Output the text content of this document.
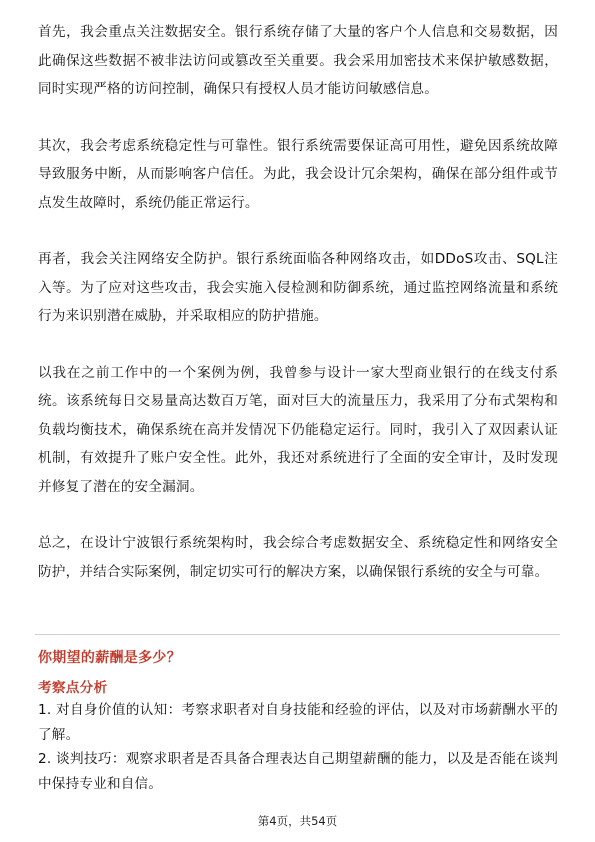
首先，我会重点关注数据安全。银行系统存储了大量的客户个人信息和交易数据，因此确保这些数据不被非法访问或篡改至关重要。我会采用加密技术来保护敏感数据，同时实现严格的访问控制，确保只有授权人员才能访问敏感信息。

其次，我会考虑系统稳定性与可靠性。银行系统需要保证高可用性，避免因系统故障导致服务中断，从而影响客户信任。为此，我会设计冗余架构，确保在部分组件或节点发生故障时，系统仍能正常运行。

再者，我会关注网络安全防护。银行系统面临各种网络攻击，如DDoS攻击、SQL注入等。为了应对这些攻击，我会实施入侵检测和防御系统，通过监控网络流量和系统行为来识别潜在威胁，并采取相应的防护措施。

以我在之前工作中的一个案例为例，我曾参与设计一家大型商业银行的在线支付系统。该系统每日交易量高达数百万笔，面对巨大的流量压力，我采用了分布式架构和负载均衡技术，确保系统在高并发情况下仍能稳定运行。同时，我引入了双因素认证机制，有效提升了账户安全性。此外，我还对系统进行了全面的安全审计，及时发现并修复了潜在的安全漏洞。

总之，在设计宁波银行系统架构时，我会综合考虑数据安全、系统稳定性和网络安全防护，并结合实际案例，制定切实可行的解决方案，以确保银行系统的安全与可靠。

你期望的薪酬是多少？
考察点分析

1. 对自身价值的认知：考察求职者对自身技能和经验的评估，以及对市场薪酬水平的了解。

2. 谈判技巧：观察求职者是否具备合理表达自己期望薪酬的能力，以及是否能在谈判中保持专业和自信。

第4页，共54页
